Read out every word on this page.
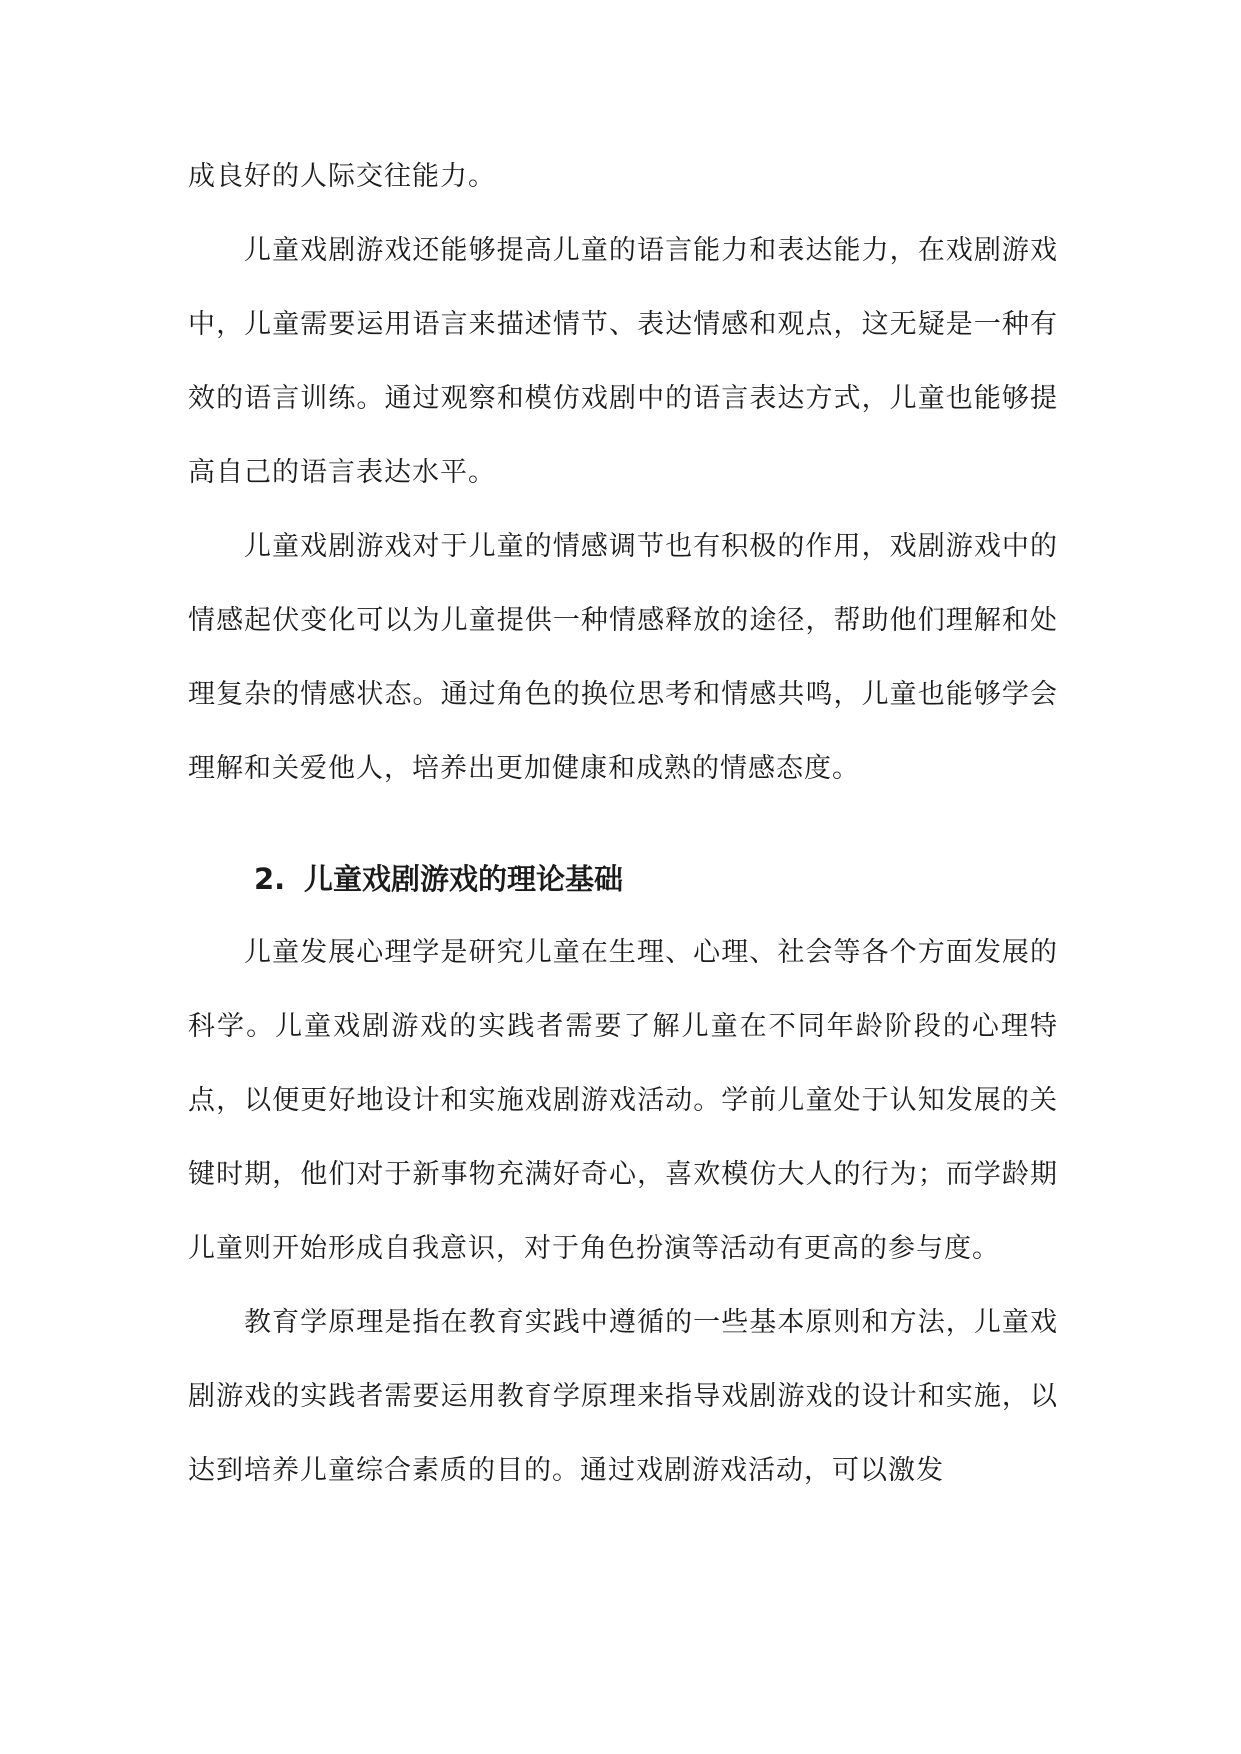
成良好的人际交往能力。

儿童戏剧游戏还能够提高儿童的语言能力和表达能力，在戏剧游戏中，儿童需要运用语言来描述情节、表达情感和观点，这无疑是一种有效的语言训练。通过观察和模仿戏剧中的语言表达方式，儿童也能够提高自己的语言表达水平。

儿童戏剧游戏对于儿童的情感调节也有积极的作用，戏剧游戏中的情感起伏变化可以为儿童提供一种情感释放的途径，帮助他们理解和处理复杂的情感状态。通过角色的换位思考和情感共鸣，儿童也能够学会理解和关爱他人，培养出更加健康和成熟的情感态度。

2. 儿童戏剧游戏的理论基础

儿童发展心理学是研究儿童在生理、心理、社会等各个方面发展的科学。儿童戏剧游戏的实践者需要了解儿童在不同年龄阶段的心理特点，以便更好地设计和实施戏剧游戏活动。学前儿童处于认知发展的关键时期，他们对于新事物充满好奇心，喜欢模仿大人的行为；而学龄期儿童则开始形成自我意识，对于角色扮演等活动有更高的参与度。

教育学原理是指在教育实践中遵循的一些基本原则和方法，儿童戏剧游戏的实践者需要运用教育学原理来指导戏剧游戏的设计和实施，以达到培养儿童综合素质的目的。通过戏剧游戏活动，可以激发
